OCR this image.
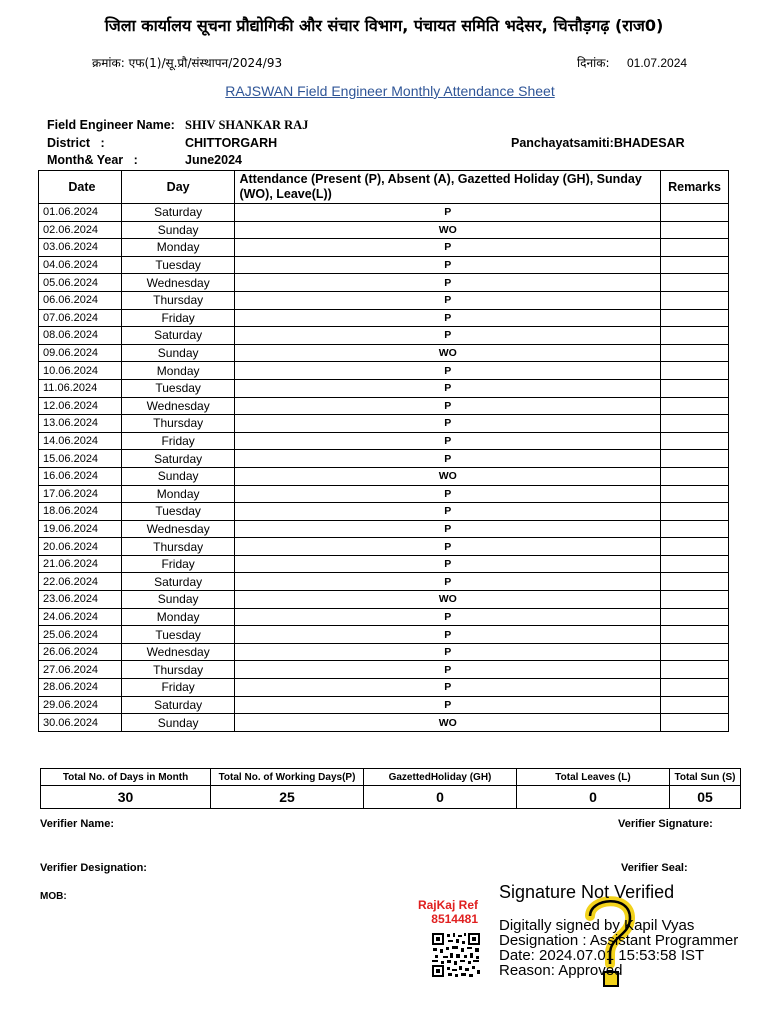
जिला कार्यालय सूचना प्रौद्योगिकी और संचार विभाग, पंचायत समिति भदेसर, चित्तौड़गढ़ (राज0)
क्रमांक: एफ(1)/सू.प्रौ/संस्थापन/2024/93	दिनांक: 01.07.2024
RAJSWAN Field Engineer Monthly Attendance Sheet
Field Engineer Name: SHIV SHANKAR RAJ
District   :	CHITTORGARH	Panchayatsamiti:BHADESAR
Month& Year   :	June2024
Date	Day	Attendance (Present (P), Absent (A), Gazetted Holiday (GH), Sunday (WO), Leave(L))	Remarks
01.06.2024	Saturday	P	
02.06.2024	Sunday	WO	
03.06.2024	Monday	P	
04.06.2024	Tuesday	P	
05.06.2024	Wednesday	P	
06.06.2024	Thursday	P	
07.06.2024	Friday	P	
08.06.2024	Saturday	P	
09.06.2024	Sunday	WO	
10.06.2024	Monday	P	
11.06.2024	Tuesday	P	
12.06.2024	Wednesday	P	
13.06.2024	Thursday	P	
14.06.2024	Friday	P	
15.06.2024	Saturday	P	
16.06.2024	Sunday	WO	
17.06.2024	Monday	P	
18.06.2024	Tuesday	P	
19.06.2024	Wednesday	P	
20.06.2024	Thursday	P	
21.06.2024	Friday	P	
22.06.2024	Saturday	P	
23.06.2024	Sunday	WO	
24.06.2024	Monday	P	
25.06.2024	Tuesday	P	
26.06.2024	Wednesday	P	
27.06.2024	Thursday	P	
28.06.2024	Friday	P	
29.06.2024	Saturday	P	
30.06.2024	Sunday	WO	
Total No. of Days in Month	Total No. of Working Days(P)	GazettedHoliday (GH)	Total Leaves (L)	Total Sun (S)
30	25	0	0	05
Verifier Name:	Verifier Signature:
Verifier Designation:	Verifier Seal:
MOB:
RajKaj Ref
8514481
Signature Not Verified
Digitally signed by Kapil Vyas
Designation : Assistant Programmer
Date: 2024.07.01 15:53:58 IST
Reason: Approved
